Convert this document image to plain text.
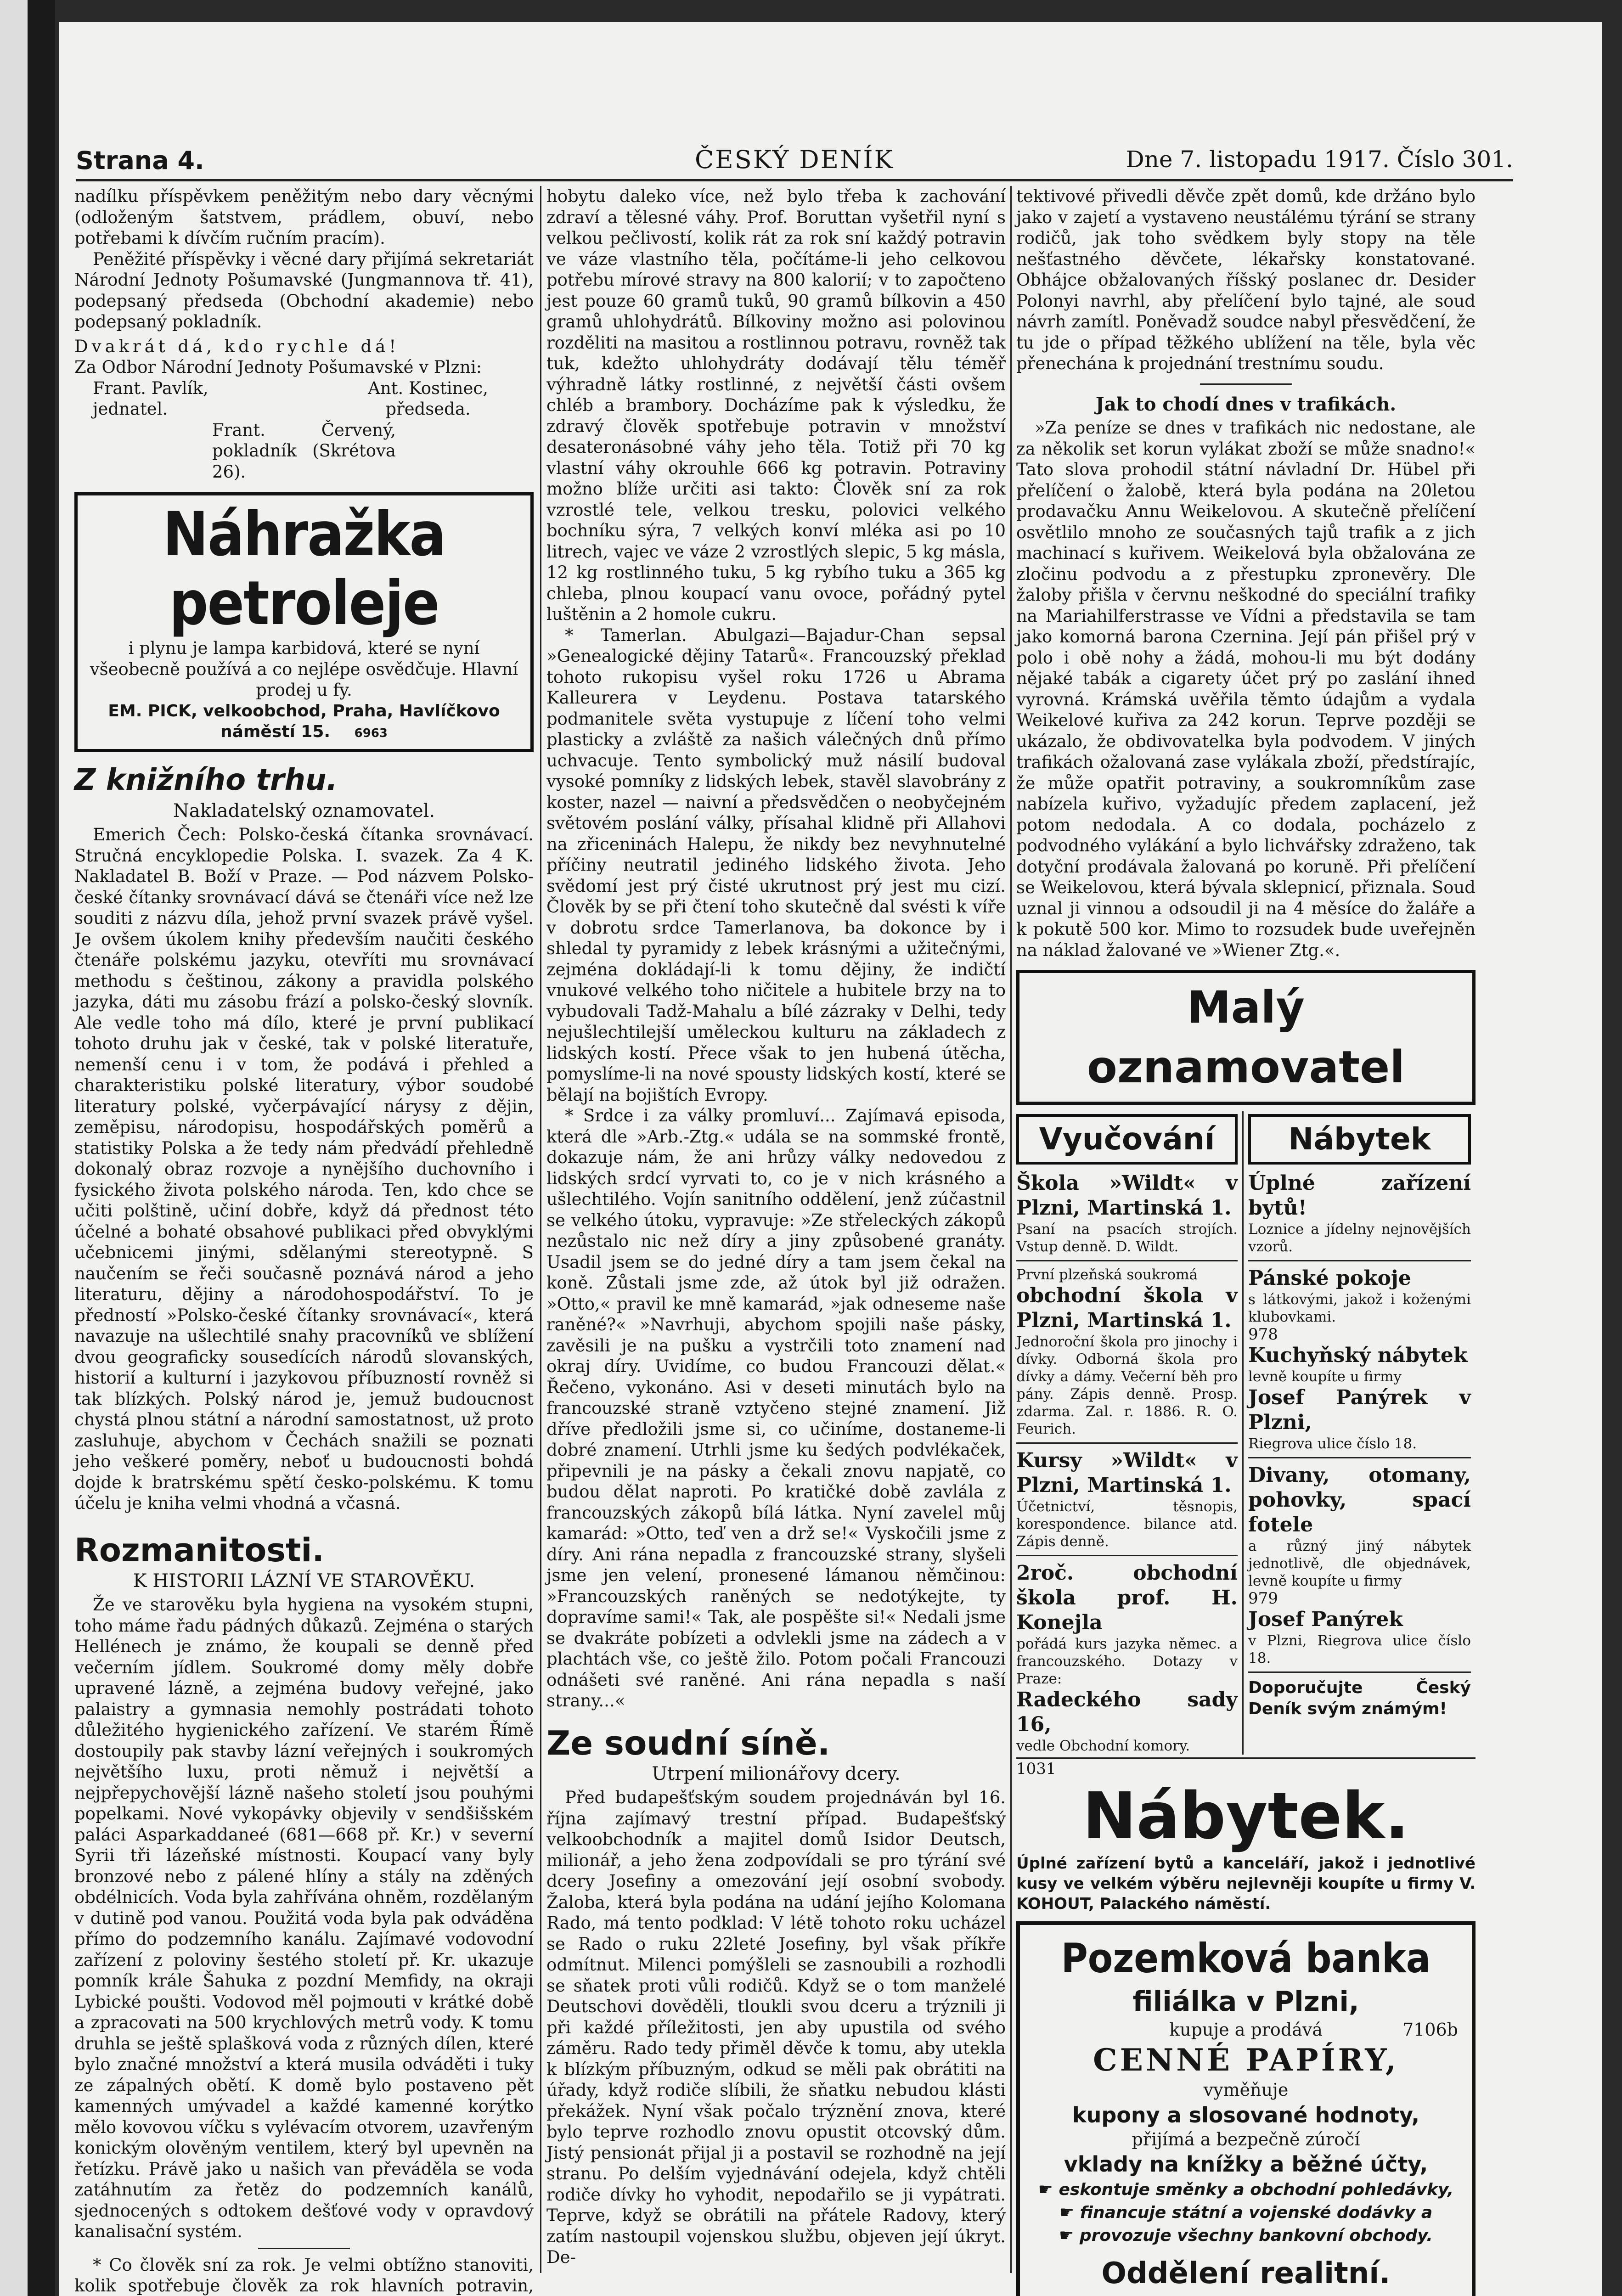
Strana 4.	ČESKÝ DENÍK	Dne 7. listopadu 1917. Číslo 301.

nadílku příspěvkem peněžitým nebo dary věcnými (odloženým šatstvem, prádlem, obuví, nebo potřebami k dívčím ručním pracím).

Peněžité příspěvky i věcné dary přijímá sekretariát Národní Jednoty Pošumavské (Jungmannova tř. 41), podepsaný předseda (Obchodní akademie) nebo podepsaný pokladník.

Dvakrát dá, kdo rychle dá!

Za Odbor Národní Jednoty Pošumavské v Plzni:

Frant. Pavlík, jednatel.
Ant. Kostinec, předseda.

Frant. Červený, pokladník (Skrétova 26).

Náhražka petroleje

i plynu je lampa karbidová, které se nyní všeobecně používá a co nejlépe osvědčuje. Hlavní prodej u fy.

EM. PICK, velkoobchod, Praha, Havlíčkovo náměstí 15. 6963

Z knižního trhu.
Nakladatelský oznamovatel.

Emerich Čech: Polsko-česká čítanka srovnávací. Stručná encyklopedie Polska. I. svazek. Za 4 K. Nakladatel B. Boží v Praze. — Pod názvem Polsko-české čítanky srovnávací dává se čtenáři více než lze souditi z názvu díla, jehož první svazek právě vyšel. Je ovšem úkolem knihy především naučiti českého čtenáře polskému jazyku, otevříti mu srovnávací methodu s češtinou, zákony a pravidla polského jazyka, dáti mu zásobu frází a polsko-český slovník. Ale vedle toho má dílo, které je první publikací tohoto druhu jak v české, tak v polské literatuře, nemenší cenu i v tom, že podává i přehled a charakteristiku polské literatury, výbor soudobé literatury polské, vyčerpávající nárysy z dějin, zeměpisu, národopisu, hospodářských poměrů a statistiky Polska a že tedy nám předvádí přehledně dokonalý obraz rozvoje a nynějšího duchovního i fysického života polského národa. Ten, kdo chce se učiti polštině, učiní dobře, když dá přednost této účelné a bohaté obsahové publikaci před obvyklými učebnicemi jinými, sdělanými stereotypně. S naučením se řeči současně poznává národ a jeho literaturu, dějiny a národohospodářství. To je předností »Polsko-české čítanky srovnávací«, která navazuje na ušlechtilé snahy pracovníků ve sblížení dvou geograficky sousedících národů slovanských, historií a kulturní i jazykovou příbuzností rovněž si tak blízkých. Polský národ je, jemuž budoucnost chystá plnou státní a národní samostatnost, už proto zasluhuje, abychom v Čechách snažili se poznati jeho veškeré poměry, neboť u budoucnosti bohdá dojde k bratrskému spětí česko-polskému. K tomu účelu je kniha velmi vhodná a včasná.

Rozmanitosti.
K HISTORII LÁZNÍ VE STAROVĚKU.

Že ve starověku byla hygiena na vysokém stupni, toho máme řadu pádných důkazů. Zejména o starých Hellénech je známo, že koupali se denně před večerním jídlem. Soukromé domy měly dobře upravené lázně, a zejména budovy veřejné, jako palaistry a gymnasia nemohly postrádati tohoto důležitého hygienického zařízení. Ve starém Římě dostoupily pak stavby lázní veřejných i soukromých největšího luxu, proti němuž i největší a nejpřepychovější lázně našeho století jsou pouhými popelkami. Nové vykopávky objevily v sendšišském paláci Asparkaddaneé (681—668 př. Kr.) v severní Syrii tři lázeňské místnosti. Koupací vany byly bronzové nebo z pálené hlíny a stály na zděných obdélnicích. Voda byla zahřívána ohněm, rozdělaným v dutině pod vanou. Použitá voda byla pak odváděna přímo do podzemního kanálu. Zajímavé vodovodní zařízení z poloviny šestého století př. Kr. ukazuje pomník krále Šahuka z pozdní Memfidy, na okraji Lybické poušti. Vodovod měl pojmouti v krátké době a zpracovati na 500 krychlových metrů vody. K tomu druhla se ještě splašková voda z různých dílen, které bylo značné množství a která musila odváděti i tuky ze zápalných obětí. K domě bylo postaveno pět kamenných umývadel a každé kamenné korýtko mělo kovovou víčku s vylévacím otvorem, uzavřeným konickým olověným ventilem, který byl upevněn na řetízku. Právě jako u našich van převáděla se voda zatáhnutím za řetěz do podzemních kanálů, sjednocených s odtokem dešťové vody v opravdový kanalisační systém.

* Co člověk sní za rok. Je velmi obtížno stanoviti, kolik spotřebuje člověk za rok hlavních potravin,

hobytu daleko více, než bylo třeba k zachování zdraví a tělesné váhy. Prof. Boruttan vyšetřil nyní s velkou pečlivostí, kolik rát za rok sní každý potravin ve váze vlastního těla, počítáme-li jeho celkovou potřebu mírové stravy na 800 kalorií; v to započteno jest pouze 60 gramů tuků, 90 gramů bílkovin a 450 gramů uhlohydrátů. Bílkoviny možno asi polovinou rozděliti na masitou a rostlinnou potravu, rovněž tak tuk, kdežto uhlohydráty dodávají tělu téměř výhradně látky rostlinné, z největší části ovšem chléb a brambory. Docházíme pak k výsledku, že zdravý člověk spotřebuje potravin v množství desateronásobné váhy jeho těla. Totiž při 70 kg vlastní váhy okrouhle 666 kg potravin. Potraviny možno blíže určiti asi takto: Člověk sní za rok vzrostlé tele, velkou tresku, polovici velkého bochníku sýra, 7 velkých konví mléka asi po 10 litrech, vajec ve váze 2 vzrostlých slepic, 5 kg másla, 12 kg rostlinného tuku, 5 kg rybího tuku a 365 kg chleba, plnou koupací vanu ovoce, pořádný pytel luštěnin a 2 homole cukru.

* Tamerlan. Abulgazi—Bajadur-Chan sepsal »Genealogické dějiny Tatarů«. Francouzský překlad tohoto rukopisu vyšel roku 1726 u Abrama Kalleurera v Leydenu. Postava tatarského podmanitele světa vystupuje z líčení toho velmi plasticky a zvláště za našich válečných dnů přímo uchvacuje. Tento symbolický muž násilí budoval vysoké pomníky z lidských lebek, stavěl slavobrány z koster, nazel — naivní a předsvědčen o neobyčejném světovém poslání války, přísahal klidně při Allahovi na zřiceninách Halepu, že nikdy bez nevyhnutelné příčiny neutratil jediného lidského života. Jeho svědomí jest prý čisté ukrutnost prý jest mu cizí. Člověk by se při čtení toho skutečně dal svésti k víře v dobrotu srdce Tamerlanova, ba dokonce by i shledal ty pyramidy z lebek krásnými a užitečnými, zejména dokládají-li k tomu dějiny, že indičtí vnukové velkého toho ničitele a hubitele brzy na to vybudovali Tadž-Mahalu a bílé zázraky v Delhi, tedy nejušlechtilejší uměleckou kulturu na základech z lidských kostí. Přece však to jen hubená útěcha, pomyslíme-li na nové spousty lidských kostí, které se bělají na bojištích Evropy.

* Srdce i za války promluví... Zajímavá episoda, která dle »Arb.-Ztg.« udála se na sommské frontě, dokazuje nám, že ani hrůzy války nedovedou z lidských srdcí vyrvati to, co je v nich krásného a ušlechtilého. Vojín sanitního oddělení, jenž zúčastnil se velkého útoku, vypravuje: »Ze střeleckých zákopů nezůstalo nic než díry a jiny způsobené granáty. Usadil jsem se do jedné díry a tam jsem čekal na koně. Zůstali jsme zde, až útok byl již odražen. »Otto,« pravil ke mně kamarád, »jak odneseme naše raněné?« »Navrhuji, abychom spojili naše pásky, zavěsili je na pušku a vystrčili toto znamení nad okraj díry. Uvidíme, co budou Francouzi dělat.« Řečeno, vykonáno. Asi v deseti minutách bylo na francouzské straně vztyčeno stejné znamení. Již dříve předložili jsme si, co učiníme, dostaneme-li dobré znamení. Utrhli jsme ku šedých podvlékaček, připevnili je na pásky a čekali znovu napjatě, co budou dělat naproti. Po kratičké době zavlála z francouzských zákopů bílá látka. Nyní zavelel můj kamarád: »Otto, teď ven a drž se!« Vyskočili jsme z díry. Ani rána nepadla z francouzské strany, slyšeli jsme jen velení, pronesené lámanou němčinou: »Francouzských raněných se nedotýkejte, ty dopravíme sami!« Tak, ale pospěšte si!« Nedali jsme se dvakráte pobízeti a odvlekli jsme na zádech a v plachtách vše, co ještě žilo. Potom počali Francouzi odnášeti své raněné. Ani rána nepadla s naší strany...«

Ze soudní síně.
Utrpení milionářovy dcery.

Před budapešťským soudem projednáván byl 16. října zajímavý trestní případ. Budapešťský velkoobchodník a majitel domů Isidor Deutsch, milionář, a jeho žena zodpovídali se pro týrání své dcery Josefiny a omezování její osobní svobody. Žaloba, která byla podána na udání jejího Kolomana Rado, má tento podklad: V létě tohoto roku ucházel se Rado o ruku 22leté Josefiny, byl však příkře odmítnut. Milenci pomýšleli se zasnoubili a rozhodli se sňatek proti vůli rodičů. Když se o tom manželé Deutschovi dověděli, tloukli svou dceru a trýznili ji při každé příležitosti, jen aby upustila od svého záměru. Rado tedy přiměl děvče k tomu, aby utekla k blízkým příbuzným, odkud se měli pak obrátiti na úřady, když rodiče slíbili, že sňatku nebudou klásti překážek. Nyní však počalo trýznění znova, které bylo teprve rozhodlo znovu opustit otcovský dům. Jistý pensionát přijal ji a postavil se rozhodně na její stranu. Po delším vyjednávání odejela, když chtěli rodiče dívky ho vyhodit, nepodařilo se ji vypátrati. Teprve, když se obrátili na přátele Radovy, který zatím nastoupil vojenskou službu, objeven její úkryt. De-

tektivové přivedli děvče zpět domů, kde držáno bylo jako v zajetí a vystaveno neustálému týrání se strany rodičů, jak toho svědkem byly stopy na těle nešťastného děvčete, lékařsky konstatované. Obhájce obžalovaných říšský poslanec dr. Desider Polonyi navrhl, aby přelíčení bylo tajné, ale soud návrh zamítl. Poněvadž soudce nabyl přesvědčení, že tu jde o případ těžkého ublížení na těle, byla věc přenechána k projednání trestnímu soudu.

Jak to chodí dnes v trafikách.

»Za peníze se dnes v trafikách nic nedostane, ale za několik set korun vylákat zboží se může snadno!« Tato slova prohodil státní návladní Dr. Hübel při přelíčení o žalobě, která byla podána na 20letou prodavačku Annu Weikelovou. A skutečně přelíčení osvětlilo mnoho ze současných tajů trafik a z jich machinací s kuřivem. Weikelová byla obžalována ze zločinu podvodu a z přestupku zpronevěry. Dle žaloby přišla v červnu neškodné do speciální trafiky na Mariahilferstrasse ve Vídni a představila se tam jako komorná barona Czernina. Její pán přišel prý v polo i obě nohy a žádá, mohou-li mu být dodány nějaké tabák a cigarety účet prý po zaslání ihned vyrovná. Krámská uvěřila těmto údajům a vydala Weikelové kuřiva za 242 korun. Teprve později se ukázalo, že obdivovatelka byla podvodem. V jiných trafikách ožalovaná zase vylákala zboží, předstírajíc, že může opatřit potraviny, a soukromníkům zase nabízela kuřivo, vyžadujíc předem zaplacení, jež potom nedodala. A co dodala, pocházelo z podvodného vylákání a bylo lichvářsky zdraženo, tak dotyční prodávala žalovaná po koruně. Při přelíčení se Weikelovou, která bývala sklepnicí, přiznala. Soud uznal ji vinnou a odsoudil ji na 4 měsíce do žaláře a k pokutě 500 kor. Mimo to rozsudek bude uveřejněn na náklad žalované ve »Wiener Ztg.«.

Malý oznamovatel
Vyučování

Škola »Wildt« v Plzni, Martinská 1.

Psaní na psacích strojích. Vstup denně. D. Wildt.

První plzeňská soukromá

obchodní škola v Plzni, Martinská 1.

Jednoroční škola pro jinochy i dívky. Odborná škola pro dívky a dámy. Večerní běh pro pány. Zápis denně. Prosp. zdarma. Zal. r. 1886. R. O. Feurich.

Kursy »Wildt« v Plzni, Martinská 1.

Účetnictví, těsnopis, korespondence. bilance atd. Zápis denně.

2roč. obchodní škola prof. H. Konejla

pořádá kurs jazyka němec. a francouzského. Dotazy v Praze:

Radeckého sady 16,

vedle Obchodní komory.

Nábytek

Úplné zařízení bytů!

Loznice a jídelny nejnovějších vzorů.

Pánské pokoje

s látkovými, jakož i koženými klubovkami.

978

Kuchyňský nábytek

levně koupíte u firmy

Josef Panýrek v Plzni,

Riegrova ulice číslo 18.

Divany, otomany, pohovky, spací fotele

a různý jiný nábytek jednotlivě, dle objednávek, levně koupíte u firmy

979

Josef Panýrek

v Plzni, Riegrova ulice číslo 18.

Doporučujte Český Deník svým známým!

1031

Nábytek.

Úplné zařízení bytů a kanceláří, jakož i jednotlivé kusy ve velkém výběru nejlevněji koupíte u firmy V. KOHOUT, Palackého náměstí.

Pozemková banka
filiálka v Plzni,
kupuje a prodává	7106b
CENNÉ PAPÍRY,
vyměňuje
kupony a slosované hodnoty,
přijímá a bezpečně zúročí
vklady na knížky a běžné účty,
☛ eskontuje směnky a obchodní pohledávky,
☛ financuje státní a vojenské dodávky a
☛ provozuje všechny bankovní obchody.
Oddělení realitní.
